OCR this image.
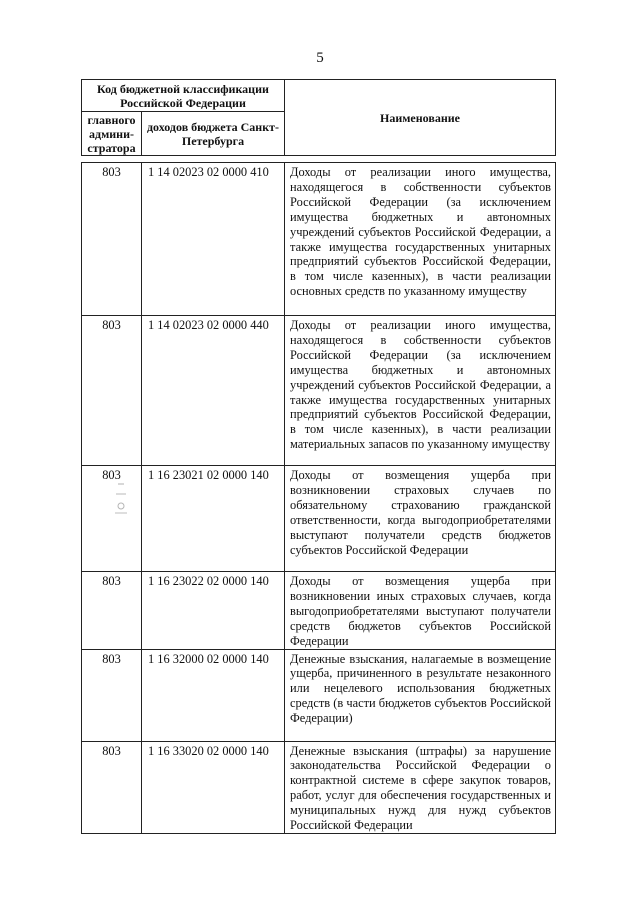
5
Код бюджетной классификации Российской Федерации		Наименование
главного админи-стратора	доходов бюджета Санкт-Петербурга	
803	1 14 02023 02 0000 410	Доходы от реализации иного имущества, находящегося в собственности субъектов Российской Федерации (за исключением имущества бюджетных и автономных учреждений субъектов Российской Федерации, а также имущества государственных унитарных предприятий субъектов Российской Федерации, в том числе казенных), в части реализации основных средств по указанному имуществу
803	1 14 02023 02 0000 440	Доходы от реализации иного имущества, находящегося в собственности субъектов Российской Федерации (за исключением имущества бюджетных и автономных учреждений субъектов Российской Федерации, а также имущества государственных унитарных предприятий субъектов Российской Федерации, в том числе казенных), в части реализации материальных запасов по указанному имуществу
803	1 16 23021 02 0000 140	Доходы от возмещения ущерба при возникновении страховых случаев по обязательному страхованию гражданской ответственности, когда выгодоприобретателями выступают получатели средств бюджетов субъектов Российской Федерации
803	1 16 23022 02 0000 140	Доходы от возмещения ущерба при возникновении иных страховых случаев, когда выгодоприобретателями выступают получатели средств бюджетов субъектов Российской Федерации
803	1 16 32000 02 0000 140	Денежные взыскания, налагаемые в возмещение ущерба, причиненного в результате незаконного или нецелевого использования бюджетных средств (в части бюджетов субъектов Российской Федерации)
803	1 16 33020 02 0000 140	Денежные взыскания (штрафы) за нарушение законодательства Российской Федерации о контрактной системе в сфере закупок товаров, работ, услуг для обеспечения государственных и муниципальных нужд для нужд субъектов Российской Федерации
